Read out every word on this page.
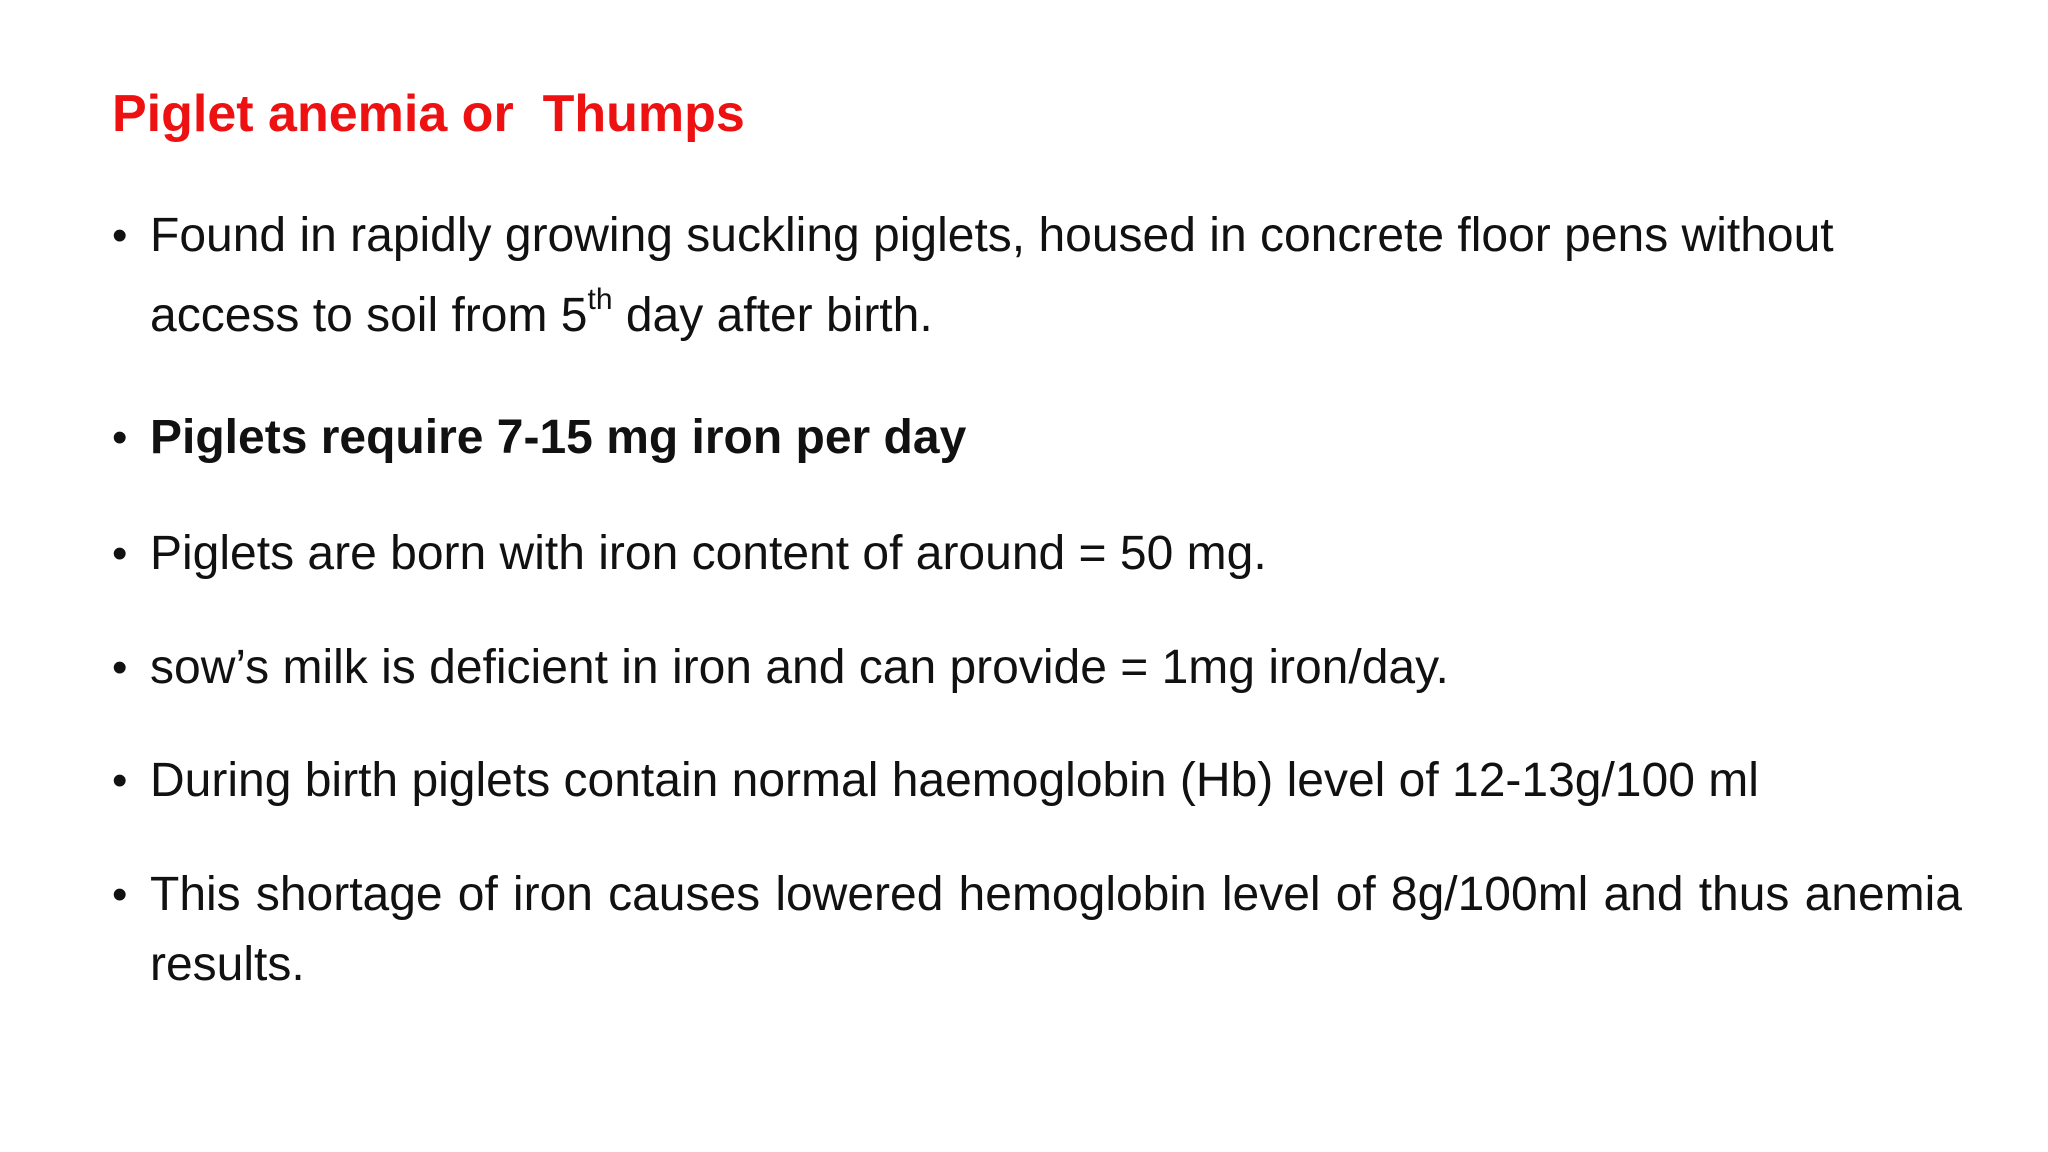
Piglet anemia or  Thumps
• Found in rapidly growing suckling piglets, housed in concrete floor pens without access to soil from 5th day after birth.
• Piglets require 7-15 mg iron per day
• Piglets are born with iron content of around = 50 mg.
• sow’s milk is deficient in iron and can provide = 1mg iron/day.
• During birth piglets contain normal haemoglobin (Hb) level of 12-13g/100 ml
• This shortage of iron causes lowered hemoglobin level of 8g/100ml and thus anemia results.
